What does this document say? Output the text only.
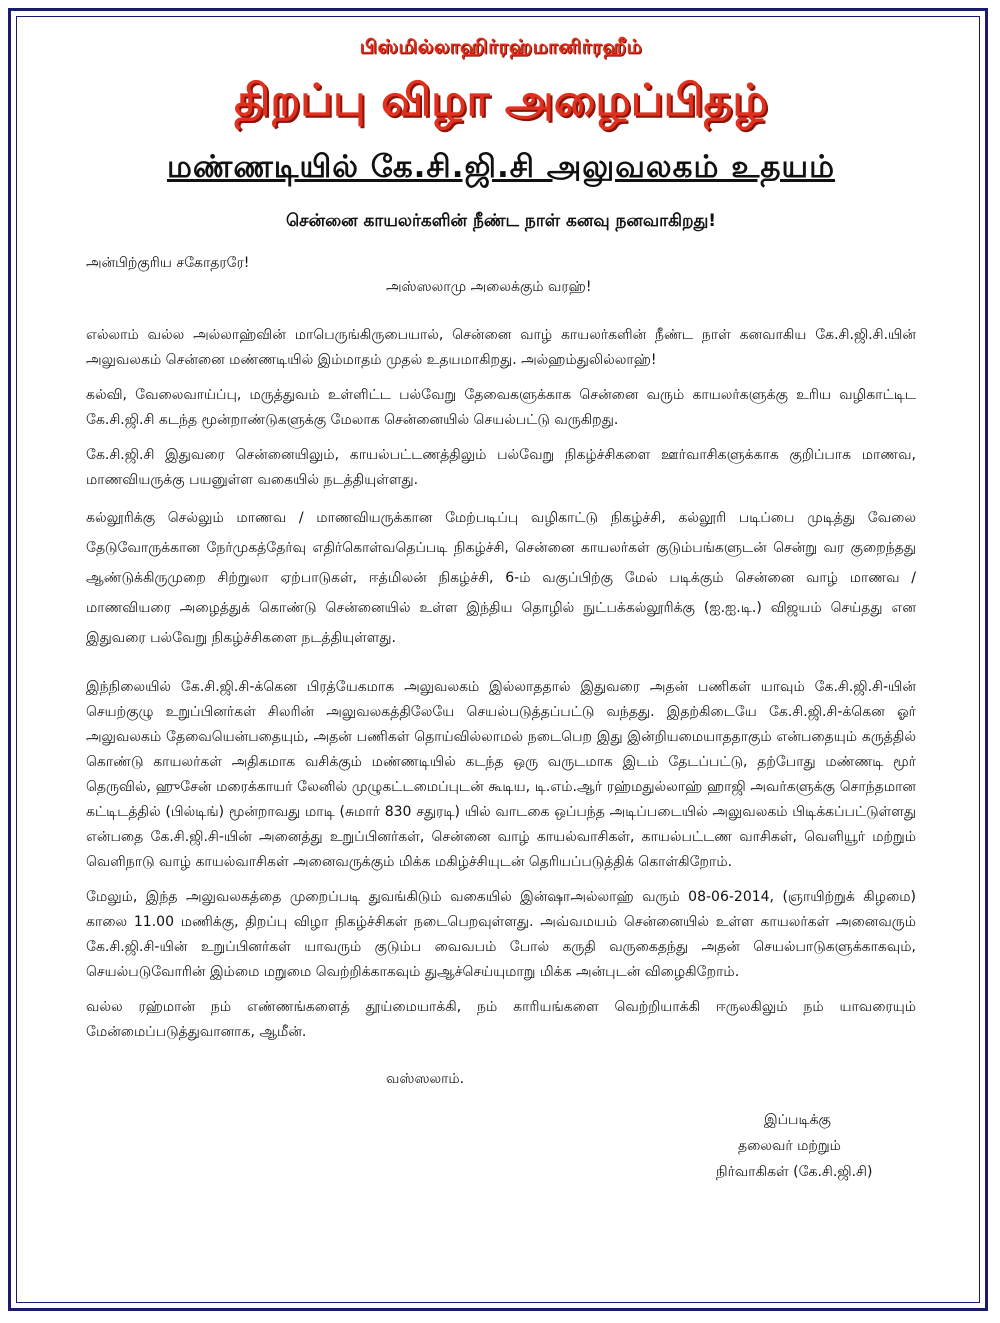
பிஸ்மில்லாஹிர்ரஹ்மானிர்ரஹீம்
திறப்பு விழா அழைப்பிதழ்
மண்ணடியில் கே.சி.ஜி.சி அலுவலகம் உதயம்
சென்னை காயலர்களின் நீண்ட நாள் கனவு நனவாகிறது!
அன்பிற்குரிய சகோதரரே!
அஸ்ஸலாமு அலைக்கும் வரஹ்!

எல்லாம் வல்ல அல்லாஹ்வின் மாபெருங்கிருபையால், சென்னை வாழ் காயலர்களின் நீண்ட நாள் கனவாகிய கே.சி.ஜி.சி.யின் அலுவலகம் சென்னை மண்ணடியில் இம்மாதம் முதல் உதயமாகிறது. அல்ஹம்துலில்லாஹ்!

கல்வி, வேலைவாய்ப்பு, மருத்துவம் உள்ளிட்ட பல்வேறு தேவைகளுக்காக சென்னை வரும் காயலர்களுக்கு உரிய வழிகாட்டிட கே.சி.ஜி.சி கடந்த மூன்றாண்டுகளுக்கு மேலாக சென்னையில் செயல்பட்டு வருகிறது.

கே.சி.ஜி.சி இதுவரை சென்னையிலும், காயல்பட்டணத்திலும் பல்வேறு நிகழ்ச்சிகளை ஊர்வாசிகளுக்காக குறிப்பாக மாணவ, மாணவியருக்கு பயனுள்ள வகையில் நடத்தியுள்ளது.

கல்லூரிக்கு செல்லும் மாணவ / மாணவியருக்கான மேற்படிப்பு வழிகாட்டு நிகழ்ச்சி, கல்லூரி படிப்பை முடித்து வேலை தேடுவோருக்கான நேர்முகத்தேர்வு எதிர்கொள்வதெப்படி நிகழ்ச்சி, சென்னை காயலர்கள் குடும்பங்களுடன் சென்று வர குறைந்தது ஆண்டுக்கிருமுறை சிற்றுலா ஏற்பாடுகள், ஈத்மிலன் நிகழ்ச்சி, 6-ம் வகுப்பிற்கு மேல் படிக்கும் சென்னை வாழ் மாணவ / மாணவியரை அழைத்துக் கொண்டு சென்னையில் உள்ள இந்திய தொழில் நுட்பக்கல்லூரிக்கு (ஐ.ஐ.டி.) விஜயம் செய்தது என இதுவரை பல்வேறு நிகழ்ச்சிகளை நடத்தியுள்ளது.

இந்நிலையில் கே.சி.ஜி.சி-க்கென பிரத்யேகமாக அலுவலகம் இல்லாததால் இதுவரை அதன் பணிகள் யாவும் கே.சி.ஜி.சி-யின் செயற்குழு உறுப்பினர்கள் சிலரின் அலுவலகத்திலேயே செயல்படுத்தப்பட்டு வந்தது. இதற்கிடையே கே.சி.ஜி.சி-க்கென ஓர் அலுவலகம் தேவையென்பதையும், அதன் பணிகள் தொய்வில்லாமல் நடைபெற இது இன்றியமையாததாகும் என்பதையும் கருத்தில் கொண்டு காயலர்கள் அதிகமாக வசிக்கும் மண்ணடியில் கடந்த ஒரு வருடமாக இடம் தேடப்பட்டு, தற்போது மண்ணடி மூர் தெருவில், ஹுசேன் மரைக்காயர் லேனில் முழுகட்டமைப்புடன் கூடிய, டி.எம்.ஆர் ரஹ்மதுல்லாஹ் ஹாஜி அவர்களுக்கு சொந்தமான கட்டிடத்தில் (பில்டிங்) மூன்றாவது மாடி (சுமார் 830 சதுரடி) யில் வாடகை ஒப்பந்த அடிப்படையில் அலுவலகம் பிடிக்கப்பட்டுள்ளது என்பதை கே.சி.ஜி.சி-யின் அனைத்து உறுப்பினர்கள், சென்னை வாழ் காயல்வாசிகள், காயல்பட்டண வாசிகள், வெளியூர் மற்றும் வெளிநாடு வாழ் காயல்வாசிகள் அனைவருக்கும் மிக்க மகிழ்ச்சியுடன் தெரியப்படுத்திக் கொள்கிறோம்.

மேலும், இந்த அலுவலகத்தை முறைப்படி துவங்கிடும் வகையில் இன்ஷாஅல்லாஹ் வரும் 08-06-2014, (ஞாயிற்றுக் கிழமை) காலை 11.00 மணிக்கு, திறப்பு விழா நிகழ்ச்சிகள் நடைபெறவுள்ளது. அவ்வமயம் சென்னையில் உள்ள காயலர்கள் அனைவரும் கே.சி.ஜி.சி-யின் உறுப்பினர்கள் யாவரும் குடும்ப வைவபம் போல் கருதி வருகைதந்து அதன் செயல்பாடுகளுக்காகவும், செயல்படுவோரின் இம்மை மறுமை வெற்றிக்காகவும் துஆச்செய்யுமாறு மிக்க அன்புடன் விழைகிறோம்.

வல்ல ரஹ்மான் நம் எண்ணங்களைத் தூய்மையாக்கி, நம் காரியங்களை வெற்றியாக்கி ஈருலகிலும் நம் யாவரையும் மேன்மைப்படுத்துவானாக, ஆமீன்.

வஸ்ஸலாம்.
இப்படிக்கு
தலைவர் மற்றும்
நிர்வாகிகள் (கே.சி.ஜி.சி)
